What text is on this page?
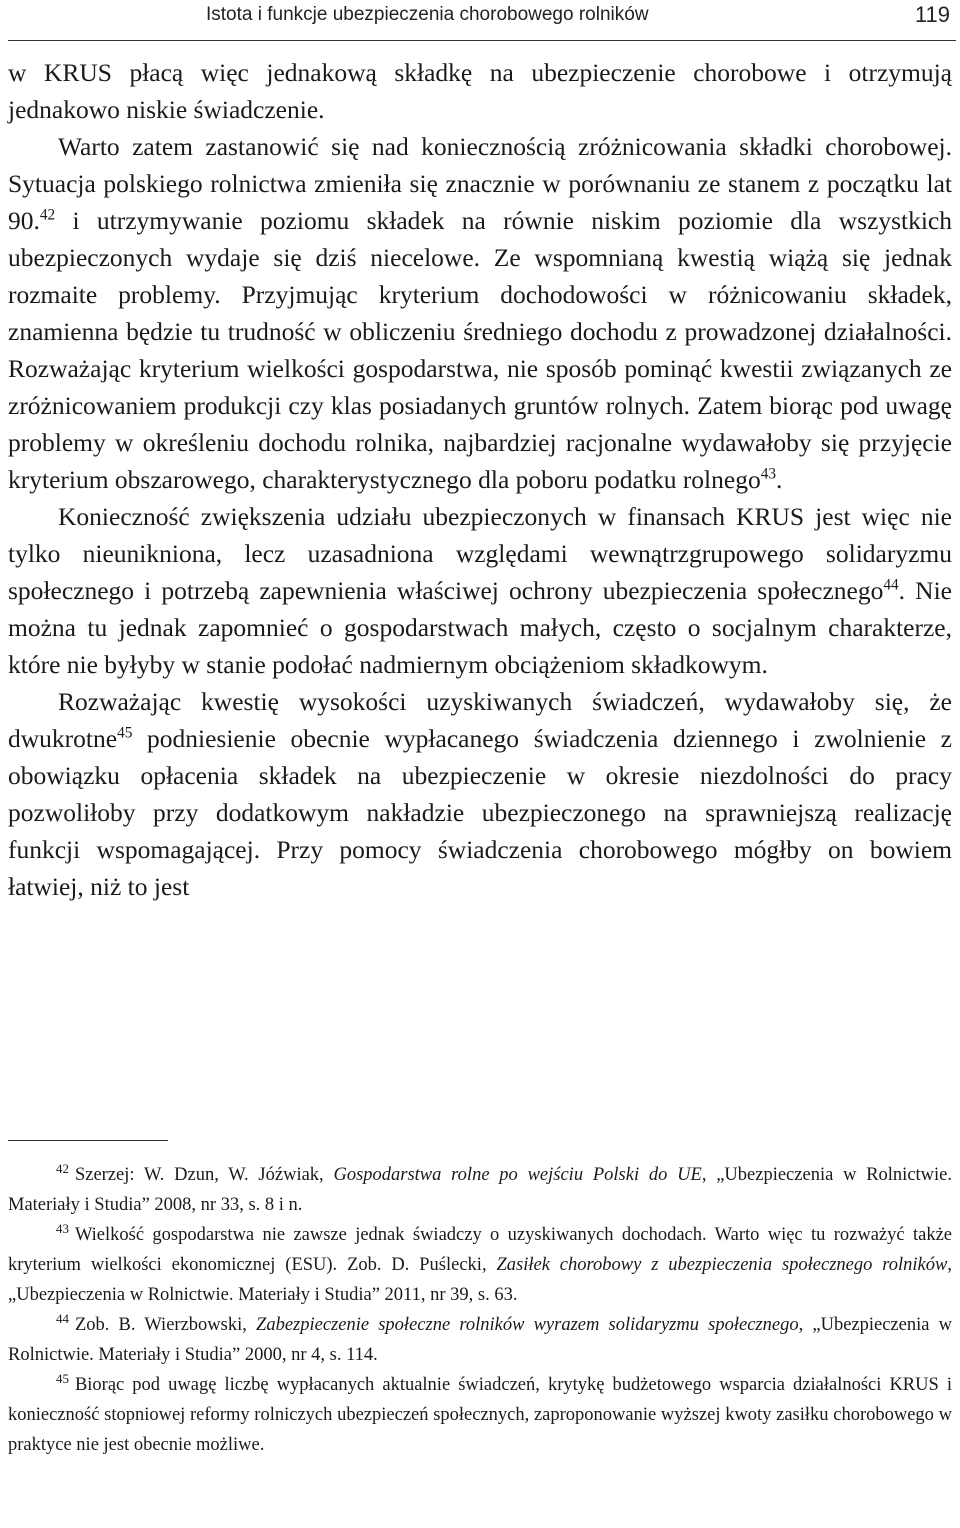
Istota i funkcje ubezpieczenia chorobowego rolników	119

w KRUS płacą więc jednakową składkę na ubezpieczenie chorobowe i otrzymują jednakowo niskie świadczenie.

Warto zatem zastanowić się nad koniecznością zróżnicowania składki chorobowej. Sytuacja polskiego rolnictwa zmieniła się znacznie w porównaniu ze stanem z początku lat 90.42 i utrzymywanie poziomu składek na równie niskim poziomie dla wszystkich ubezpieczonych wydaje się dziś niecelowe. Ze wspomnianą kwestią wiążą się jednak rozmaite problemy. Przyjmując kryterium dochodowości w różnicowaniu składek, znamienna będzie tu trudność w obliczeniu średniego dochodu z prowadzonej działalności. Rozważając kryterium wielkości gospodarstwa, nie sposób pominąć kwestii związanych ze zróżnicowaniem produkcji czy klas posiadanych gruntów rolnych. Zatem biorąc pod uwagę problemy w określeniu dochodu rolnika, najbardziej racjonalne wydawałoby się przyjęcie kryterium obszarowego, charakterystycznego dla poboru podatku rolnego$^{43}$.

Konieczność zwiększenia udziału ubezpieczonych w finansach KRUS jest więc nie tylko nieunikniona, lecz uzasadniona względami wewnątrzgrupowego solidaryzmu społecznego i potrzebą zapewnienia właściwej ochrony ubezpieczenia społecznego$^{44}$. Nie można tu jednak zapomnieć o gospodarstwach małych, często o socjalnym charakterze, które nie byłyby w stanie podołać nadmiernym obciążeniom składkowym.

Rozważając kwestię wysokości uzyskiwanych świadczeń, wydawałoby się, że dwukrotne$^{45}$ podniesienie obecnie wypłacanego świadczenia dziennego i zwolnienie z obowiązku opłacenia składek na ubezpieczenie w okresie niezdolności do pracy pozwoliłoby przy dodatkowym nakładzie ubezpieczonego na sprawniejszą realizację funkcji wspomagającej. Przy pomocy świadczenia chorobowego mógłby on bowiem łatwiej, niż to jest

$^{42}$ Szerzej: W. Dzun, W. Jóźwiak, Gospodarstwa rolne po wejściu Polski do UE, „Ubezpieczenia w Rolnictwie. Materiały i Studia” 2008, nr 33, s. 8 i n.

$^{43}$ Wielkość gospodarstwa nie zawsze jednak świadczy o uzyskiwanych dochodach. Warto więc tu rozważyć także kryterium wielkości ekonomicznej (ESU). Zob. D. Puślecki, Zasiłek chorobowy z ubezpieczenia społecznego rolników, „Ubezpieczenia w Rolnictwie. Materiały i Studia” 2011, nr 39, s. 63.

$^{44}$ Zob. B. Wierzbowski, Zabezpieczenie społeczne rolników wyrazem solidaryzmu społecznego, „Ubezpieczenia w Rolnictwie. Materiały i Studia” 2000, nr 4, s. 114.

$^{45}$ Biorąc pod uwagę liczbę wypłacanych aktualnie świadczeń, krytykę budżetowego wsparcia działalności KRUS i konieczność stopniowej reformy rolniczych ubezpieczeń społecznych, zaproponowanie wyższej kwoty zasiłku chorobowego w praktyce nie jest obecnie możliwe.
